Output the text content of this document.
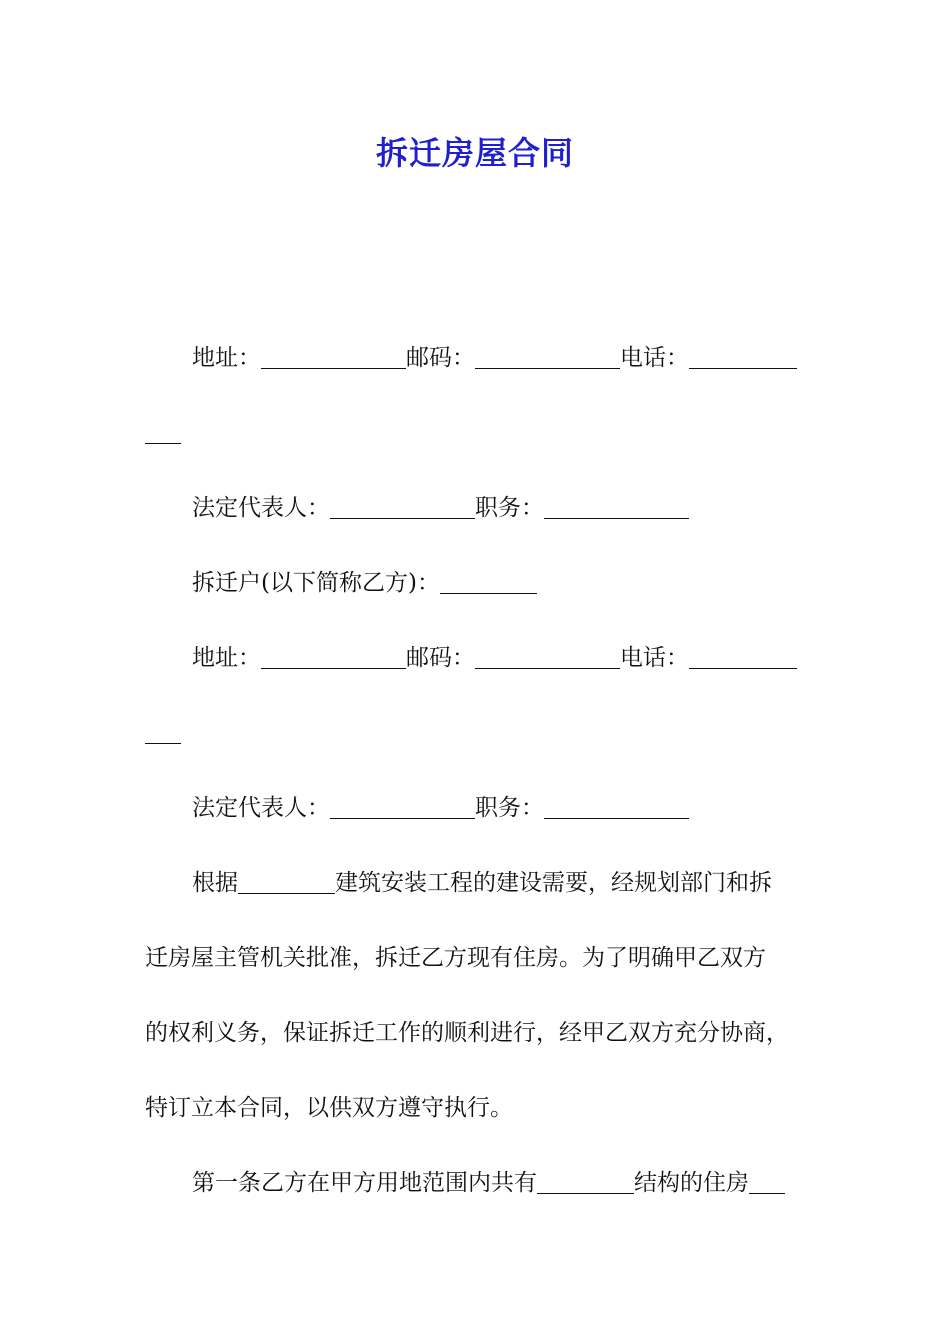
拆迁房屋合同
地址：	邮码：	电话：
法定代表人：	职务：
拆迁户(以下简称乙方)：
地址：	邮码：	电话：
法定代表人：	职务：
根据	建筑安装工程的建设需要，经规划部门和拆
迁房屋主管机关批准，拆迁乙方现有住房。为了明确甲乙双方
的权利义务，保证拆迁工作的顺利进行，经甲乙双方充分协商，
特订立本合同，以供双方遵守执行。
第一条乙方在甲方用地范围内共有	结构的住房
